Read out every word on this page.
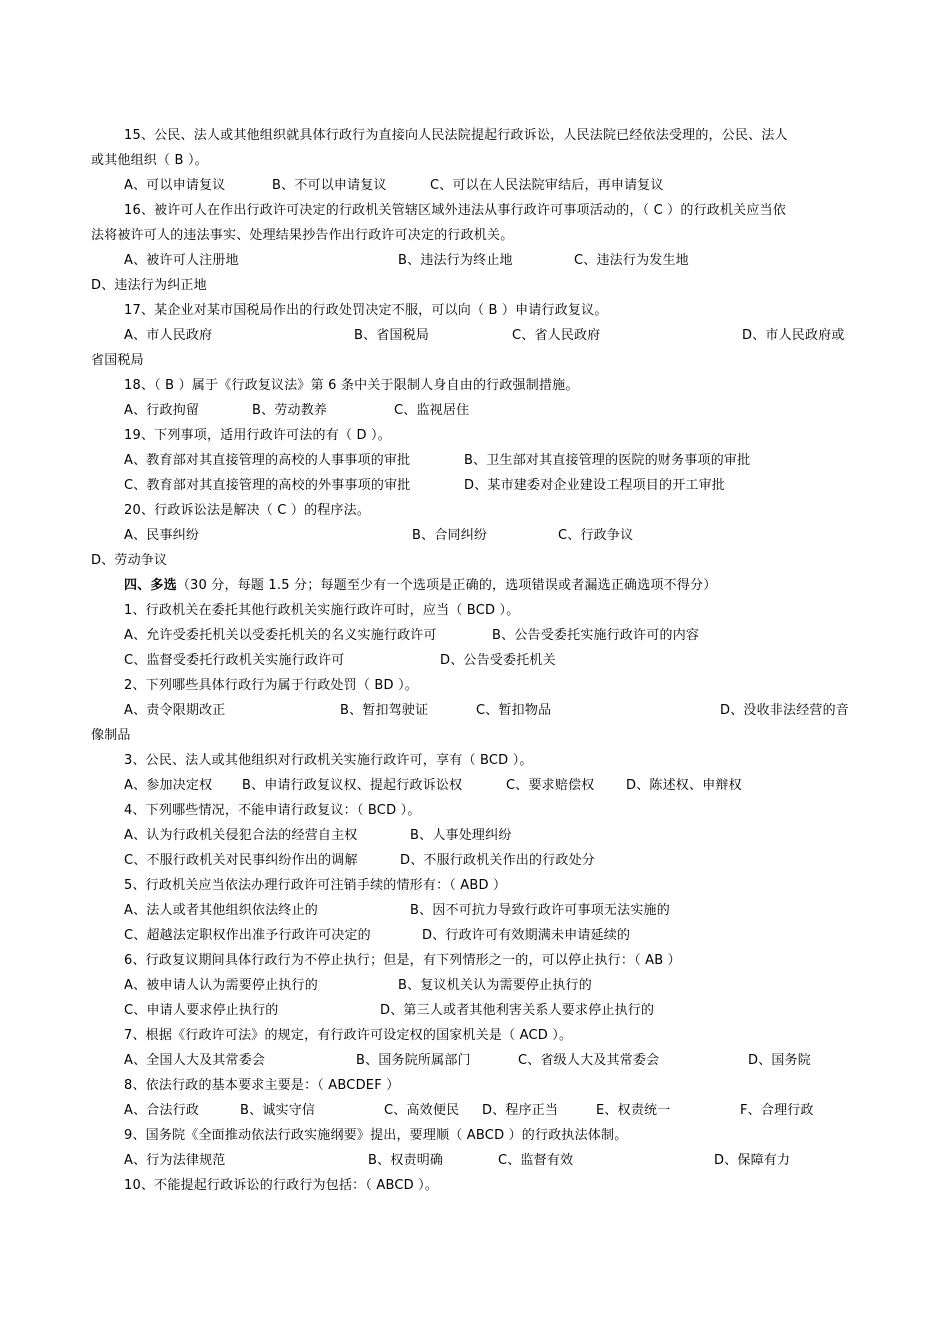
15、公民、法人或其他组织就具体行政行为直接向人民法院提起行政诉讼，人民法院已经依法受理的，公民、法人
或其他组织（ B ）。
A、可以申请复议	B、不可以申请复议	C、可以在人民法院审结后，再申请复议
16、被许可人在作出行政许可决定的行政机关管辖区域外违法从事行政许可事项活动的，（ C ）的行政机关应当依
法将被许可人的违法事实、处理结果抄告作出行政许可决定的行政机关。
A、被许可人注册地	B、违法行为终止地	C、违法行为发生地
D、违法行为纠正地
17、某企业对某市国税局作出的行政处罚决定不服，可以向（ B ）申请行政复议。
A、市人民政府	B、省国税局	C、省人民政府	D、市人民政府或
省国税局
18、（ B ）属于《行政复议法》第 6 条中关于限制人身自由的行政强制措施。
A、行政拘留	B、劳动教养	C、监视居住
19、下列事项，适用行政许可法的有（ D ）。
A、教育部对其直接管理的高校的人事事项的审批	B、卫生部对其直接管理的医院的财务事项的审批
C、教育部对其直接管理的高校的外事事项的审批	D、某市建委对企业建设工程项目的开工审批
20、行政诉讼法是解决（ C ）的程序法。
A、民事纠纷	B、合同纠纷	C、行政争议
D、劳动争议
四、多选（30 分，每题 1.5 分；每题至少有一个选项是正确的，选项错误或者漏选正确选项不得分）
1、行政机关在委托其他行政机关实施行政许可时，应当（ BCD ）。
A、允许受委托机关以受委托机关的名义实施行政许可	B、公告受委托实施行政许可的内容
C、监督受委托行政机关实施行政许可	D、公告受委托机关
2、下列哪些具体行政行为属于行政处罚（ BD ）。
A、责令限期改正	B、暂扣驾驶证	C、暂扣物品	D、没收非法经营的音
像制品
3、公民、法人或其他组织对行政机关实施行政许可，享有（ BCD ）。
A、参加决定权 B、申请行政复议权、提起行政诉讼权	C、要求赔偿权 D、陈述权、申辩权
4、下列哪些情况，不能申请行政复议：（ BCD ）。
A、认为行政机关侵犯合法的经营自主权	B、人事处理纠纷
C、不服行政机关对民事纠纷作出的调解	D、不服行政机关作出的行政处分
5、行政机关应当依法办理行政许可注销手续的情形有：（ ABD ）
A、法人或者其他组织依法终止的	B、因不可抗力导致行政许可事项无法实施的
C、超越法定职权作出准予行政许可决定的	D、行政许可有效期满未申请延续的
6、行政复议期间具体行政行为不停止执行；但是，有下列情形之一的，可以停止执行：（ AB ）
A、被申请人认为需要停止执行的	B、复议机关认为需要停止执行的
C、申请人要求停止执行的	D、第三人或者其他利害关系人要求停止执行的
7、根据《行政许可法》的规定，有行政许可设定权的国家机关是（ ACD ）。
A、全国人大及其常委会	B、国务院所属部门	C、省级人大及其常委会	D、国务院
8、依法行政的基本要求主要是：（ ABCDEF ）
A、合法行政	B、诚实守信	C、高效便民 D、程序正当	E、权责统一	F、合理行政
9、国务院《全面推动依法行政实施纲要》提出，要理顺（ ABCD ）的行政执法体制。
A、行为法律规范	B、权责明确	C、监督有效	D、保障有力
10、不能提起行政诉讼的行政行为包括：（ ABCD ）。
